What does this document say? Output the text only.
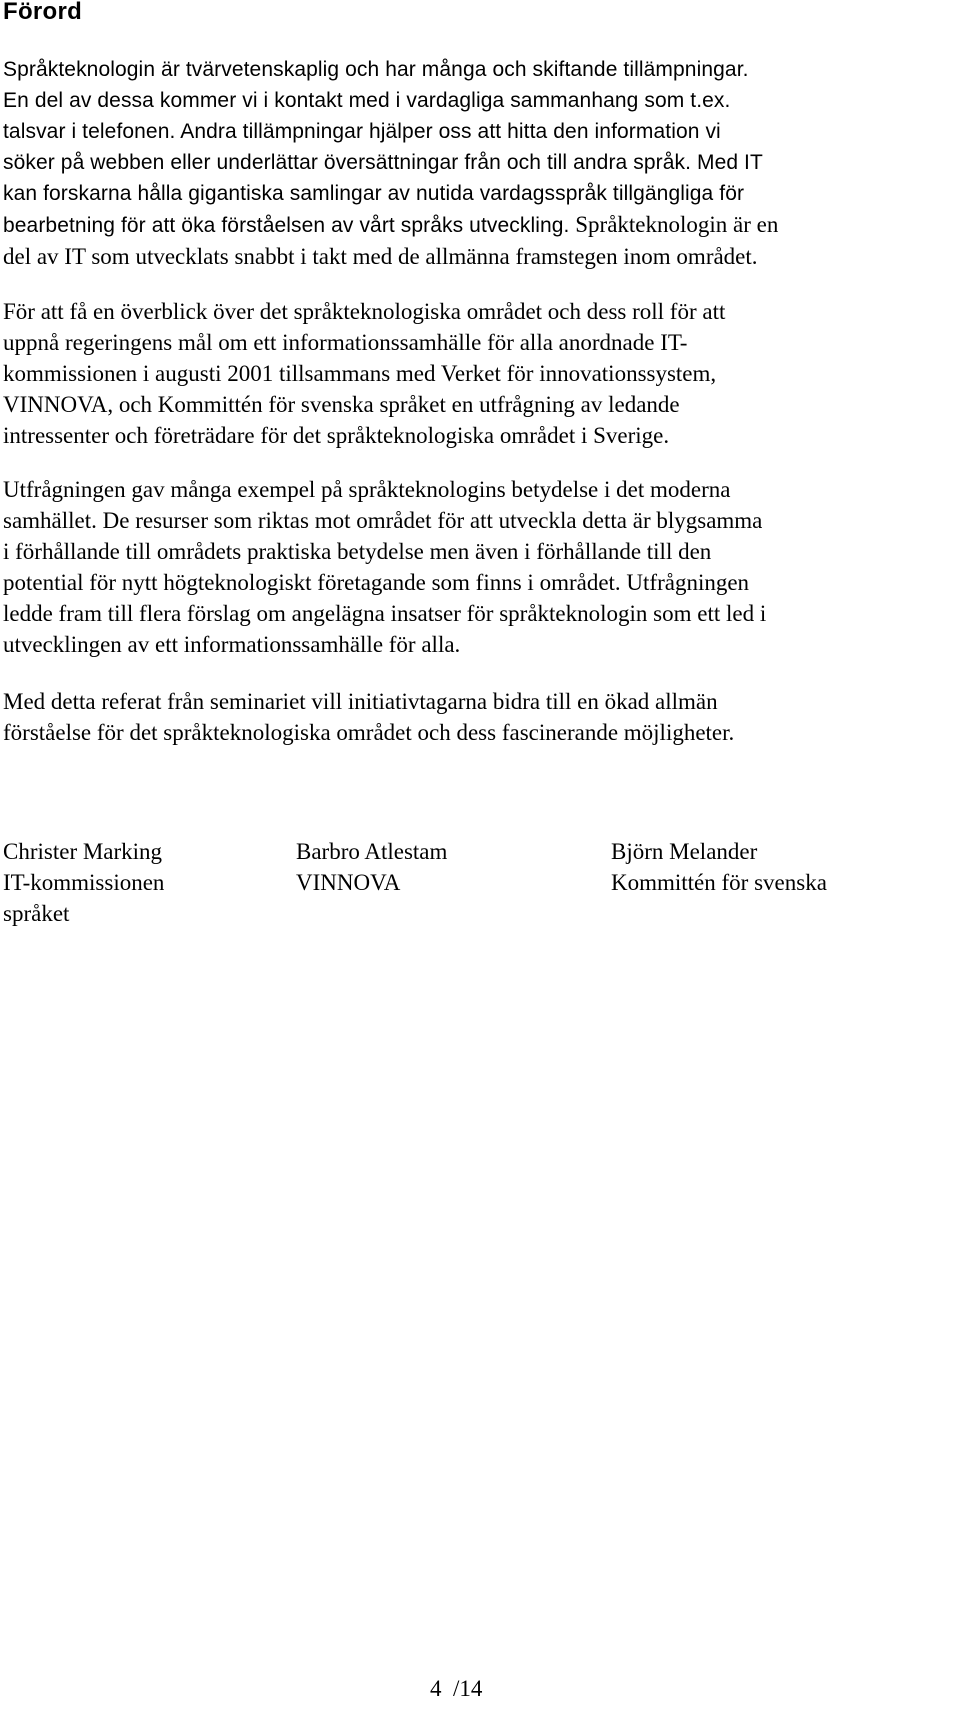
Förord
Språkteknologin är tvärvetenskaplig och har många och skiftande tillämpningar.
En del av dessa kommer vi i kontakt med i vardagliga sammanhang som t.ex.
talsvar i telefonen. Andra tillämpningar hjälper oss att hitta den information vi
söker på webben eller underlättar översättningar från och till andra språk. Med IT
kan forskarna hålla gigantiska samlingar av nutida vardagsspråk tillgängliga för
bearbetning för att öka förståelsen av vårt språks utveckling. Språkteknologin är en
del av IT som utvecklats snabbt i takt med de allmänna framstegen inom området.
För att få en överblick över det språkteknologiska området och dess roll för att
uppnå regeringens mål om ett informationssamhälle för alla anordnade IT-
kommissionen i augusti 2001 tillsammans med Verket för innovationssystem,
VINNOVA, och Kommittén för svenska språket en utfrågning av ledande
intressenter och företrädare för det språkteknologiska området i Sverige.
Utfrågningen gav många exempel på språkteknologins betydelse i det moderna
samhället. De resurser som riktas mot området för att utveckla detta är blygsamma
i förhållande till områdets praktiska betydelse men även i förhållande till den
potential för nytt högteknologiskt företagande som finns i området. Utfrågningen
ledde fram till flera förslag om angelägna insatser för språkteknologin som ett led i
utvecklingen av ett informationssamhälle för alla.
Med detta referat från seminariet vill initiativtagarna bidra till en ökad allmän
förståelse för det språkteknologiska området och dess fascinerande möjligheter.
Christer Marking
IT-kommissionen
språket
Barbro Atlestam
VINNOVA
Björn Melander
Kommittén för svenska
4  /14
